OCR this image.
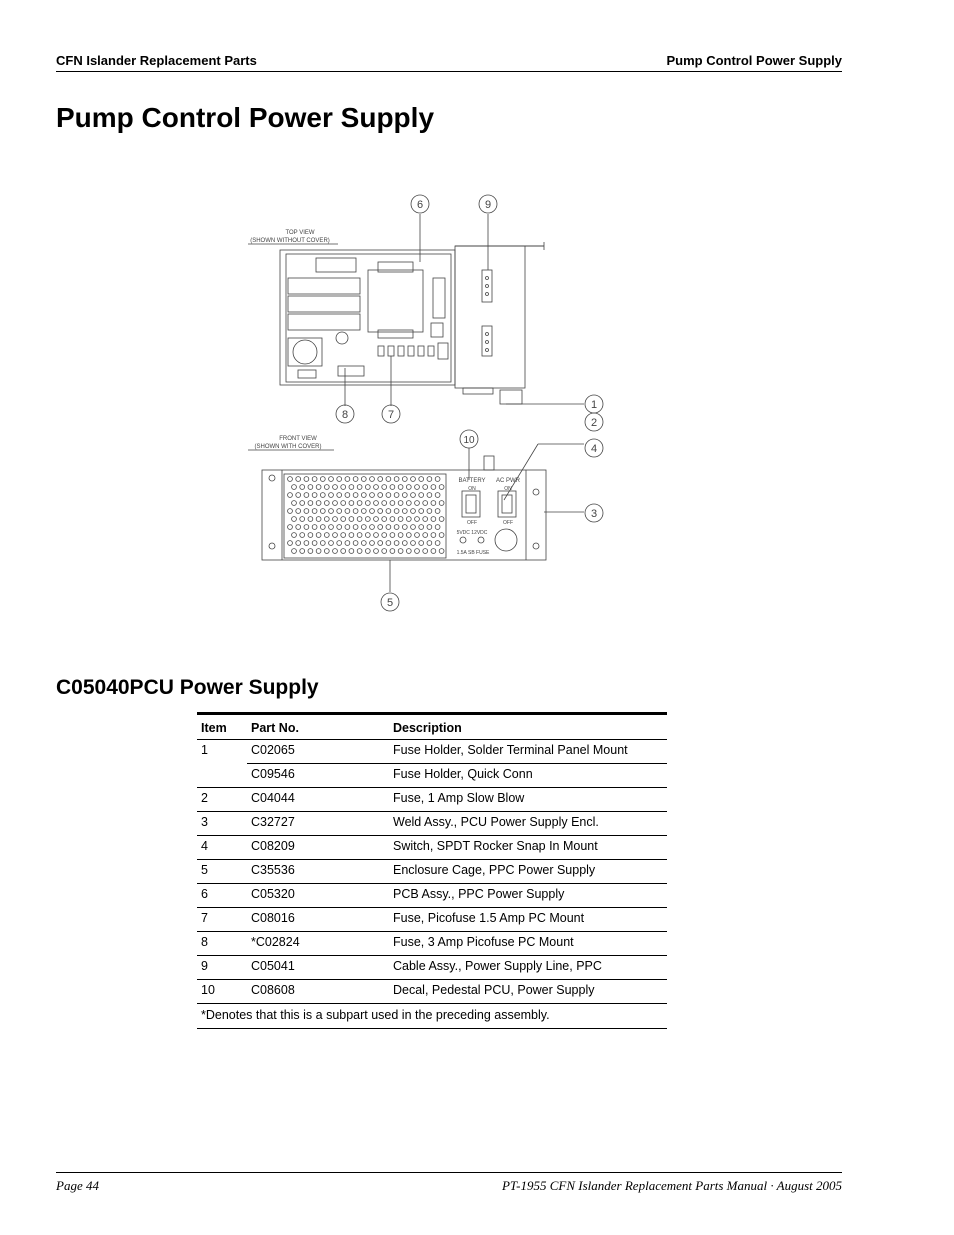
CFN Islander Replacement Parts	Pump Control Power Supply
Pump Control Power Supply
TOP VIEW
(SHOWN WITHOUT COVER)
FRONT VIEW
(SHOWN WITH COVER)
BATTERY AC PWR
ON	ON
OFF	OFF
5VDC 12VDC
1.5A SB FUSE
6	9
8	7
1
2
10
4
3
5
C05040PCU Power Supply
Item	Part No.	Description
1	C02065	Fuse Holder, Solder Terminal Panel Mount
	C09546	Fuse Holder, Quick Conn
2	C04044	Fuse, 1 Amp Slow Blow
3	C32727	Weld Assy., PCU Power Supply Encl.
4	C08209	Switch, SPDT Rocker Snap In Mount
5	C35536	Enclosure Cage, PPC Power Supply
6	C05320	PCB Assy., PPC Power Supply
7	C08016	Fuse, Picofuse 1.5 Amp PC Mount
8	*C02824	Fuse, 3 Amp Picofuse PC Mount
9	C05041	Cable Assy., Power Supply Line, PPC
10	C08608	Decal, Pedestal PCU, Power Supply
*Denotes that this is a subpart used in the preceding assembly.		
Page 44	PT-1955 CFN Islander Replacement Parts Manual · August 2005
